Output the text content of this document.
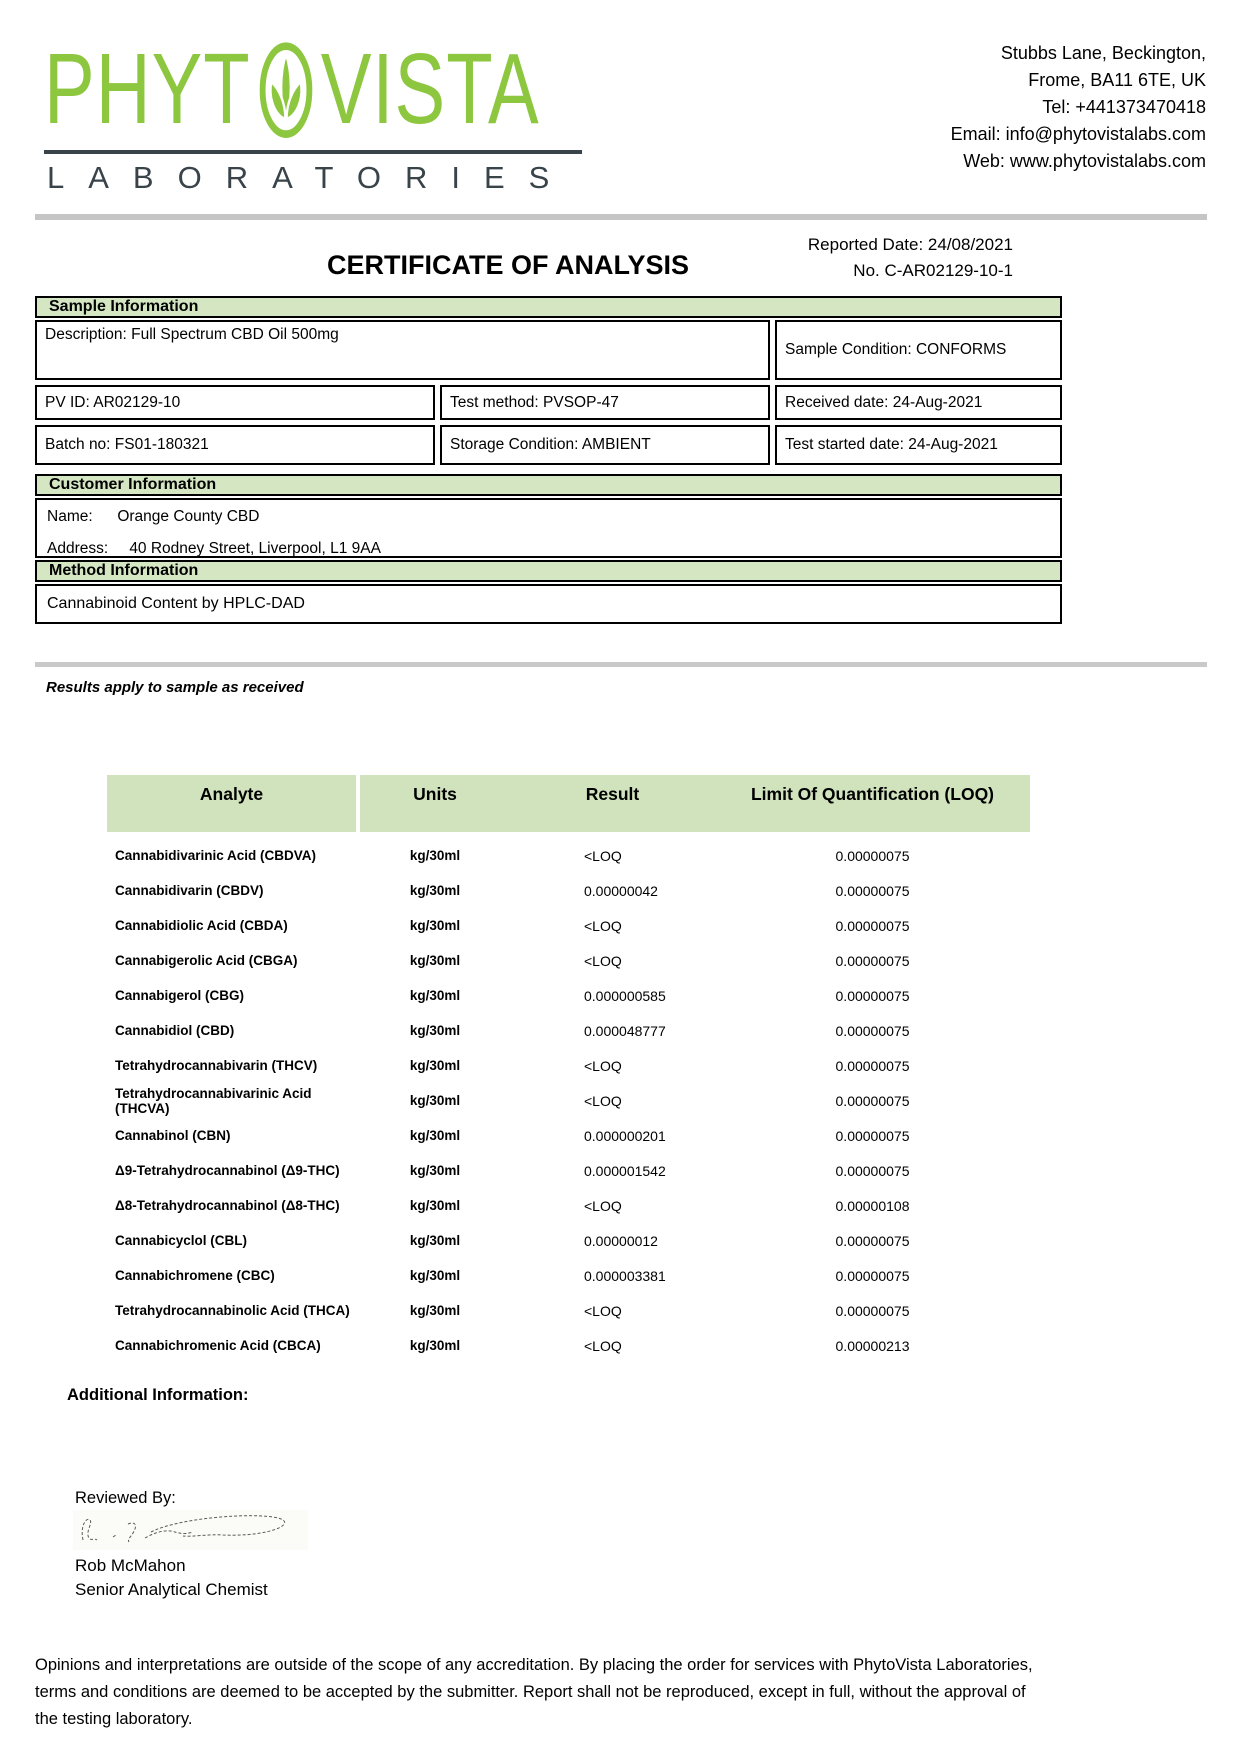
PHYT VISTA
LABORATORIES
Stubbs Lane, Beckington,
Frome, BA11 6TE, UK
Tel: +441373470418
Email: info@phytovistalabs.com
Web: www.phytovistalabs.com
Reported Date: 24/08/2021
No. C-AR02129-10-1
CERTIFICATE OF ANALYSIS
Sample Information
Description: Full Spectrum CBD Oil 500mg
Sample Condition: CONFORMS
PV ID: AR02129-10	Test method: PVSOP-47	Received date: 24-Aug-2021
Batch no: FS01-180321	Storage Condition: AMBIENT	Test started date: 24-Aug-2021
Customer Information
Name: Orange County CBD
Address: 40 Rodney Street, Liverpool, L1 9AA
Method Information
Cannabinoid Content by HPLC-DAD
Results apply to sample as received
Analyte	Units	Result	Limit Of Quantification (LOQ)
Cannabidivarinic Acid (CBDVA)	kg/30ml	<LOQ	0.00000075
Cannabidivarin (CBDV)	kg/30ml	0.00000042	0.00000075
Cannabidiolic Acid (CBDA)	kg/30ml	<LOQ	0.00000075
Cannabigerolic Acid (CBGA)	kg/30ml	<LOQ	0.00000075
Cannabigerol (CBG)	kg/30ml	0.000000585	0.00000075
Cannabidiol (CBD)	kg/30ml	0.000048777	0.00000075
Tetrahydrocannabivarin (THCV)	kg/30ml	<LOQ	0.00000075
Tetrahydrocannabivarinic Acid (THCVA)	kg/30ml	<LOQ	0.00000075
Cannabinol (CBN)	kg/30ml	0.000000201	0.00000075
Δ9-Tetrahydrocannabinol (Δ9-THC)	kg/30ml	0.000001542	0.00000075
Δ8-Tetrahydrocannabinol (Δ8-THC)	kg/30ml	<LOQ	0.00000108
Cannabicyclol (CBL)	kg/30ml	0.00000012	0.00000075
Cannabichromene (CBC)	kg/30ml	0.000003381	0.00000075
Tetrahydrocannabinolic Acid (THCA)	kg/30ml	<LOQ	0.00000075
Cannabichromenic Acid (CBCA)	kg/30ml	<LOQ	0.00000213
Additional Information:
Reviewed By:
Rob McMahon
Senior Analytical Chemist
Opinions and interpretations are outside of the scope of any accreditation. By placing the order for services with PhytoVista Laboratories,
terms and conditions are deemed to be accepted by the submitter. Report shall not be reproduced, except in full, without the approval of
the testing laboratory.
